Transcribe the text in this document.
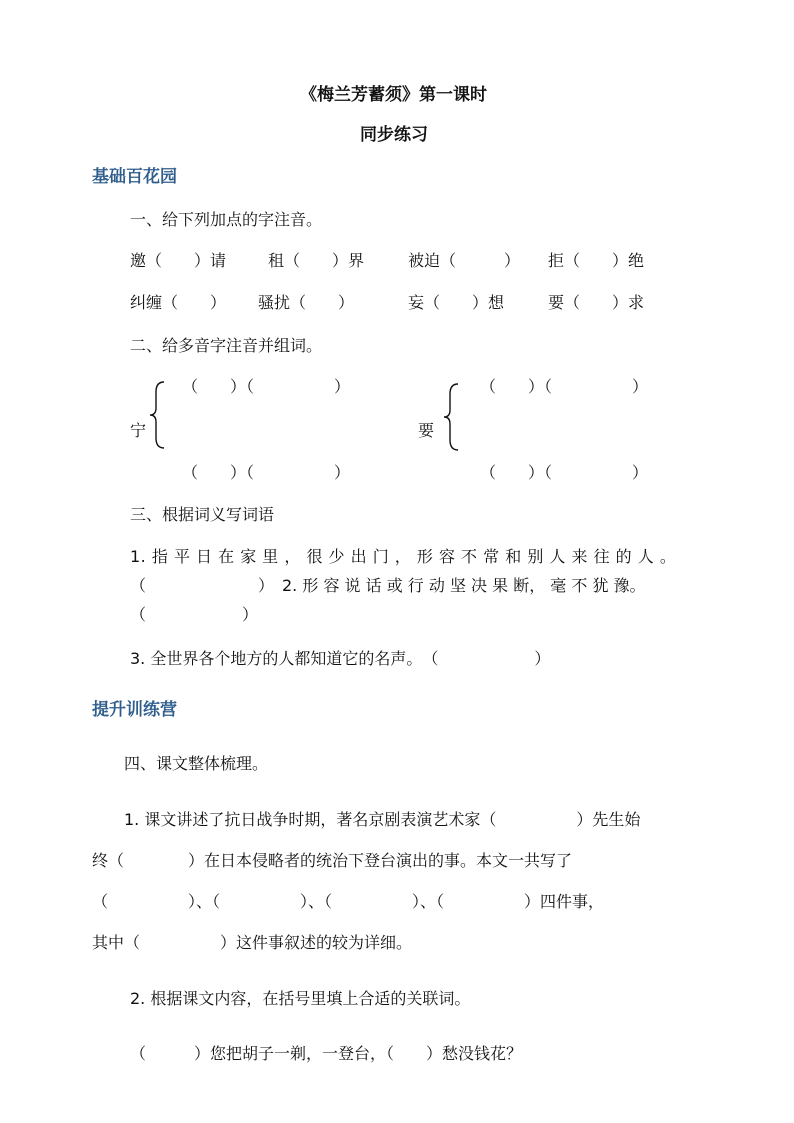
《梅兰芳蓄须》第一课时
同步练习
基础百花园
一、给下列加点的字注音。
邀（　　）请	租（　　）界	被迫（　　　） 拒（　　）绝
纠缠（　　） 骚扰（　　）	妄（　　）想	要（　　）求
二、给多音字注音并组词。
（　　）（　　　　　）
宁
（　　）（　　　　　）
（　　）（　　　　　）
要
（　　）（　　　　　）
三、根据词义写词语
1. 指 平 日 在 家 里 ， 很 少 出 门 ， 形 容 不 常 和 别 人 来 往 的 人 。
（　　　　　　　）　2. 形 容 说 话 或 行 动 坚 决 果 断， 毫 不 犹 豫。
（　　　　　　）
3. 全世界各个地方的人都知道它的名声。　（　　　　　　）
提升训练营
四、课文整体梳理。
1. 课文讲述了抗日战争时期，著名京剧表演艺术家（　　　　　）先生始
终（　　　　）在日本侵略者的统治下登台演出的事。本文一共写了
（　　　　　）、（　　　　　）、（　　　　　）、（　　　　　）四件事，
其中（　　　　　）这件事叙述的较为详细。
2. 根据课文内容，在括号里填上合适的关联词。
（　　　）您把胡子一剃，一登台，（　　）愁没钱花？
